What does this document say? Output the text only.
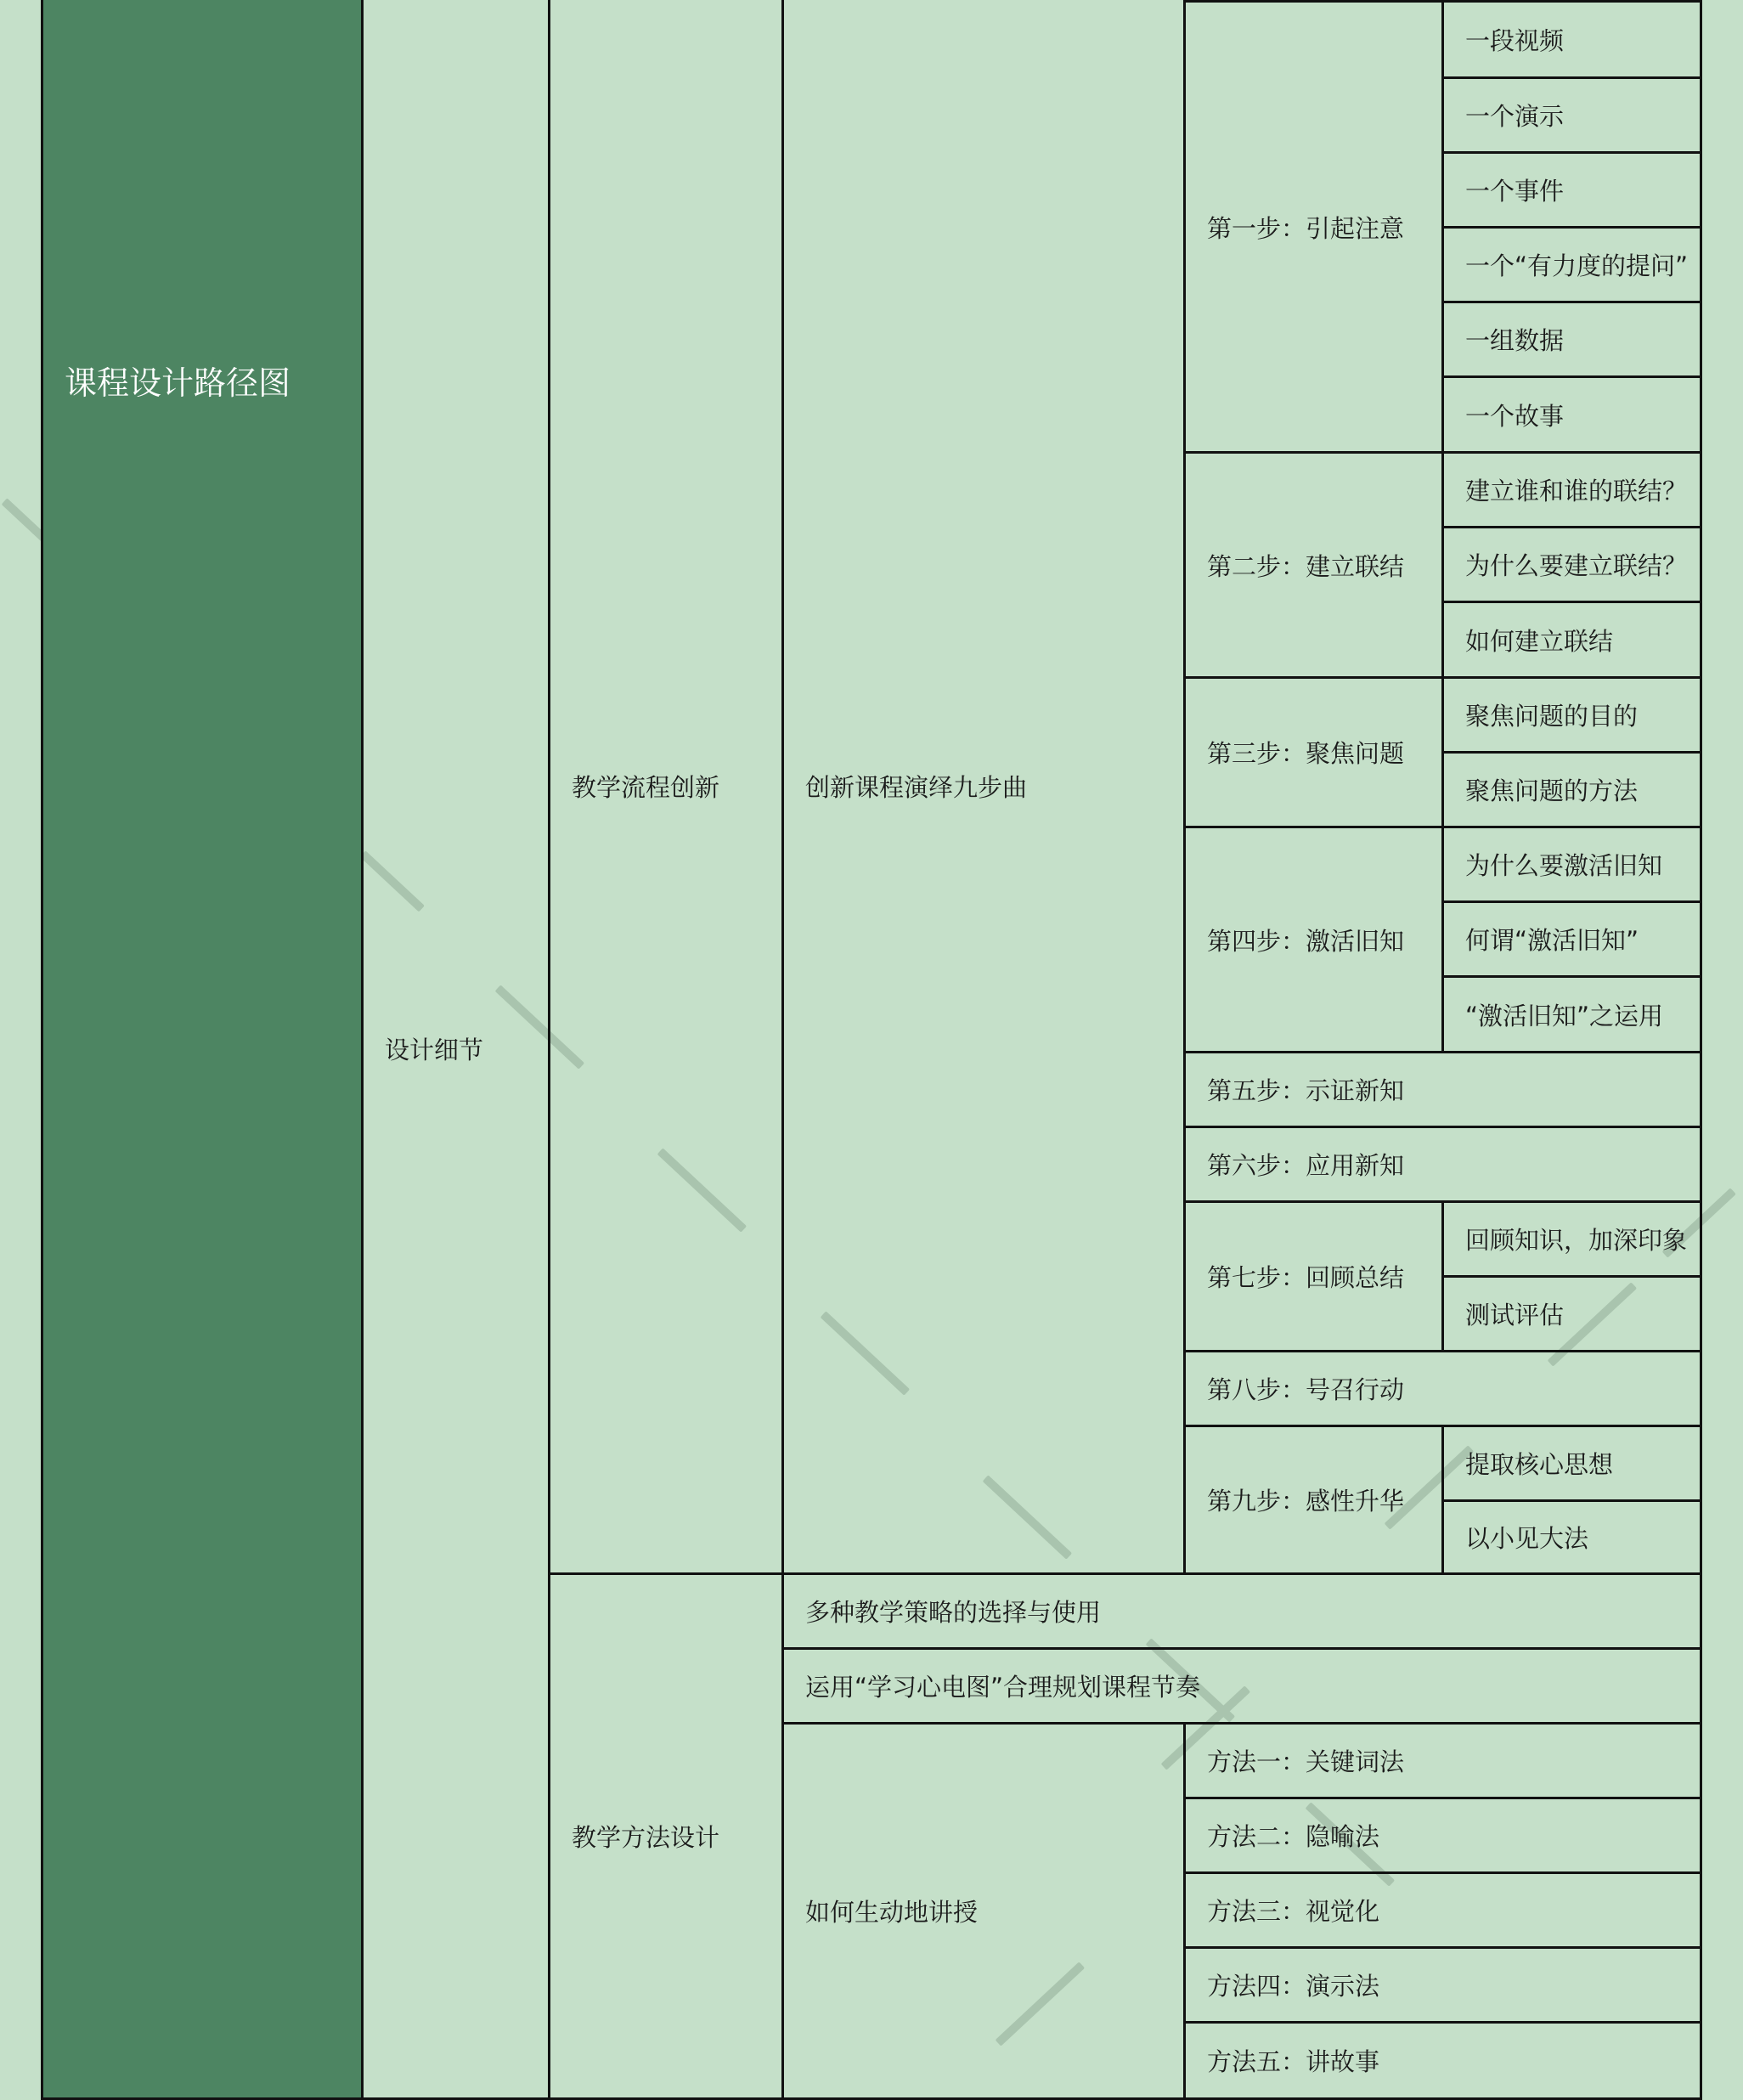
课程设计路径图
设计细节
教学流程创新
教学方法设计
创新课程演绎九步曲
多种教学策略的选择与使用
运用“学习心电图”合理规划课程节奏
如何生动地讲授
第一步：引起注意
第二步：建立联结
第三步：聚焦问题
第四步：激活旧知
第五步：示证新知
第六步：应用新知
第七步：回顾总结
第八步：号召行动
第九步：感性升华
一段视频
一个演示
一个事件
一个“有力度的提问”
一组数据
一个故事
建立谁和谁的联结？
为什么要建立联结？
如何建立联结
聚焦问题的目的
聚焦问题的方法
为什么要激活旧知
何谓“激活旧知”
“激活旧知”之运用
回顾知识，加深印象
测试评估
提取核心思想
以小见大法
方法一：关键词法
方法二：隐喻法
方法三：视觉化
方法四：演示法
方法五：讲故事
